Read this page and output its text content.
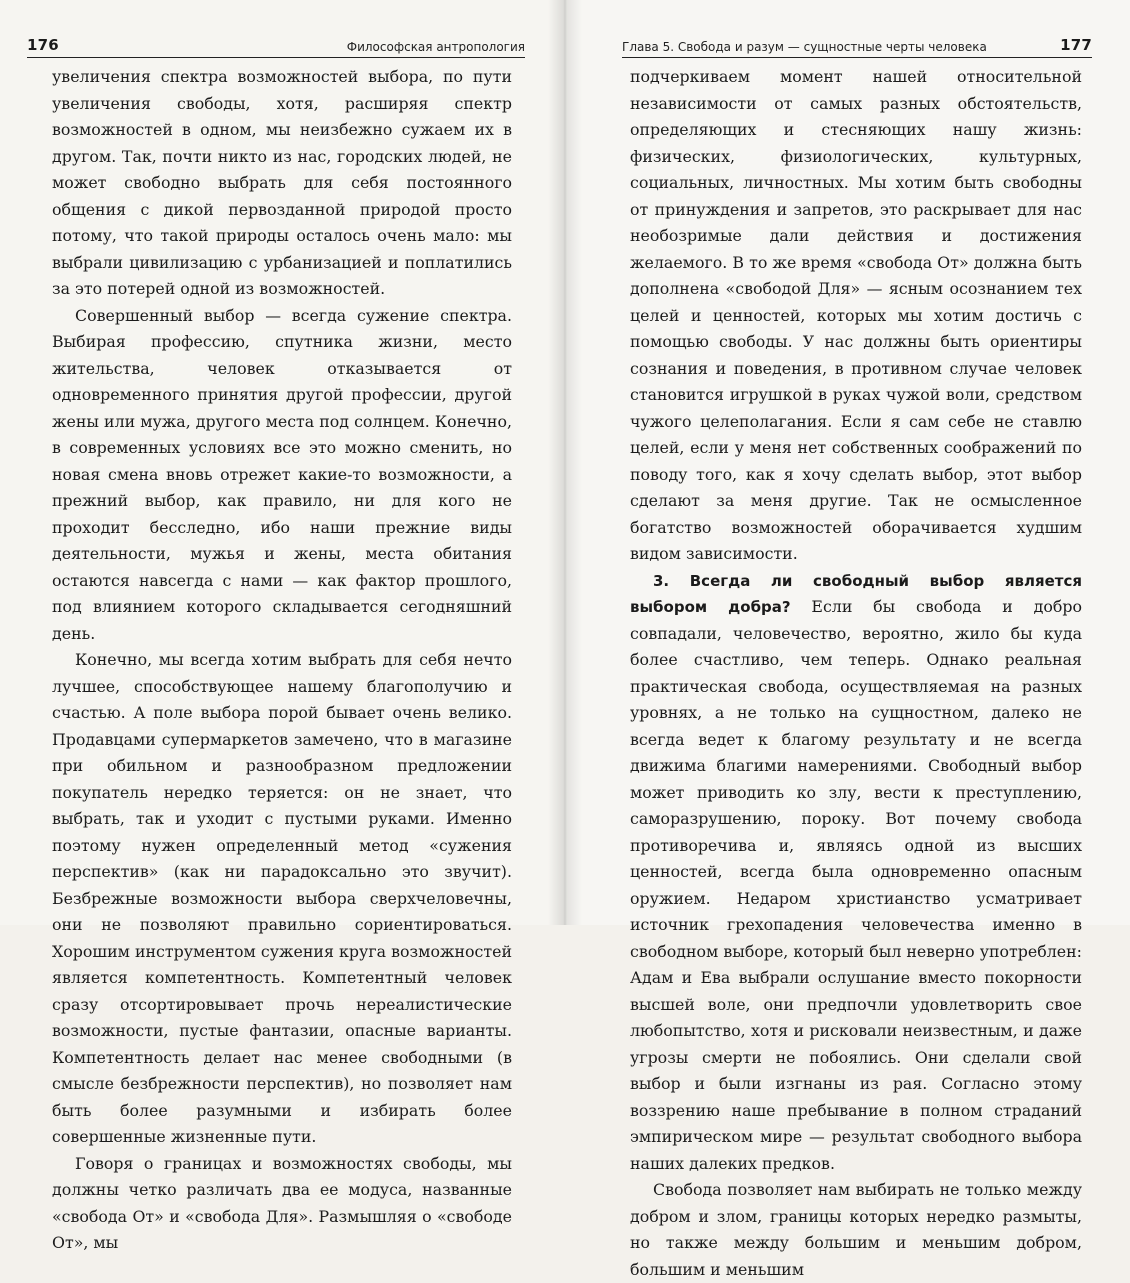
176	Философская антропология

увеличения спектра возможностей выбора, по пути увеличения свободы, хотя, расширяя спектр возможностей в одном, мы неизбежно сужаем их в другом. Так, почти никто из нас, городских людей, не может свободно выбрать для себя постоянного общения с дикой первозданной природой просто потому, что такой природы осталось очень мало: мы выбрали цивилизацию с урбанизацией и поплатились за это потерей одной из возможностей.

Совершенный выбор — всегда сужение спектра. Выбирая профессию, спутника жизни, место жительства, человек отказывается от одновременного принятия другой профессии, другой жены или мужа, другого места под солнцем. Конечно, в современных условиях все это можно сменить, но новая смена вновь отрежет какие-то возможности, а прежний выбор, как правило, ни для кого не проходит бесследно, ибо наши прежние виды деятельности, мужья и жены, места обитания остаются навсегда с нами — как фактор прошлого, под влиянием которого складывается сегодняшний день.

Конечно, мы всегда хотим выбрать для себя нечто лучшее, способствующее нашему благополучию и счастью. А поле выбора порой бывает очень велико. Продавцами супермаркетов замечено, что в магазине при обильном и разнообразном предложении покупатель нередко теряется: он не знает, что выбрать, так и уходит с пустыми руками. Именно поэтому нужен определенный метод «сужения перспектив» (как ни парадоксально это звучит). Безбрежные возможности выбора сверхчеловечны, они не позволяют правильно сориентироваться. Хорошим инструментом сужения круга возможностей является компетентность. Компетентный человек сразу отсортировывает прочь нереалистические возможности, пустые фантазии, опасные варианты. Компетентность делает нас менее свободными (в смысле безбрежности перспектив), но позволяет нам быть более разумными и избирать более совершенные жизненные пути.

Говоря о границах и возможностях свободы, мы должны четко различать два ее модуса, названные «свобода От» и «свобода Для». Размышляя о «свободе От», мы

Глава 5. Свобода и разум — сущностные черты человека	177

подчеркиваем момент нашей относительной независимости от самых разных обстоятельств, определяющих и стесняющих нашу жизнь: физических, физиологических, культурных, социальных, личностных. Мы хотим быть свободны от принуждения и запретов, это раскрывает для нас необозримые дали действия и достижения желаемого. В то же время «свобода От» должна быть дополнена «свободой Для» — ясным осознанием тех целей и ценностей, которых мы хотим достичь с помощью свободы. У нас должны быть ориентиры сознания и поведения, в противном случае человек становится игрушкой в руках чужой воли, средством чужого целеполагания. Если я сам себе не ставлю целей, если у меня нет собственных соображений по поводу того, как я хочу сделать выбор, этот выбор сделают за меня другие. Так не осмысленное богатство возможностей оборачивается худшим видом зависимости.

3. Всегда ли свободный выбор является выбором добра? Если бы свобода и добро совпадали, человечество, вероятно, жило бы куда более счастливо, чем теперь. Однако реальная практическая свобода, осуществляемая на разных уровнях, а не только на сущностном, далеко не всегда ведет к благому результату и не всегда движима благими намерениями. Свободный выбор может приводить ко злу, вести к преступлению, саморазрушению, пороку. Вот почему свобода противоречива и, являясь одной из высших ценностей, всегда была одновременно опасным оружием. Недаром христианство усматривает источник грехопадения человечества именно в свободном выборе, который был неверно употреблен: Адам и Ева выбрали ослушание вместо покорности высшей воле, они предпочли удовлетворить свое любопытство, хотя и рисковали неизвестным, и даже угрозы смерти не побоялись. Они сделали свой выбор и были изгнаны из рая. Согласно этому воззрению наше пребывание в полном страданий эмпирическом мире — результат свободного выбора наших далеких предков.

Свобода позволяет нам выбирать не только между добром и злом, границы которых нередко размыты, но также между большим и меньшим добром, большим и меньшим
